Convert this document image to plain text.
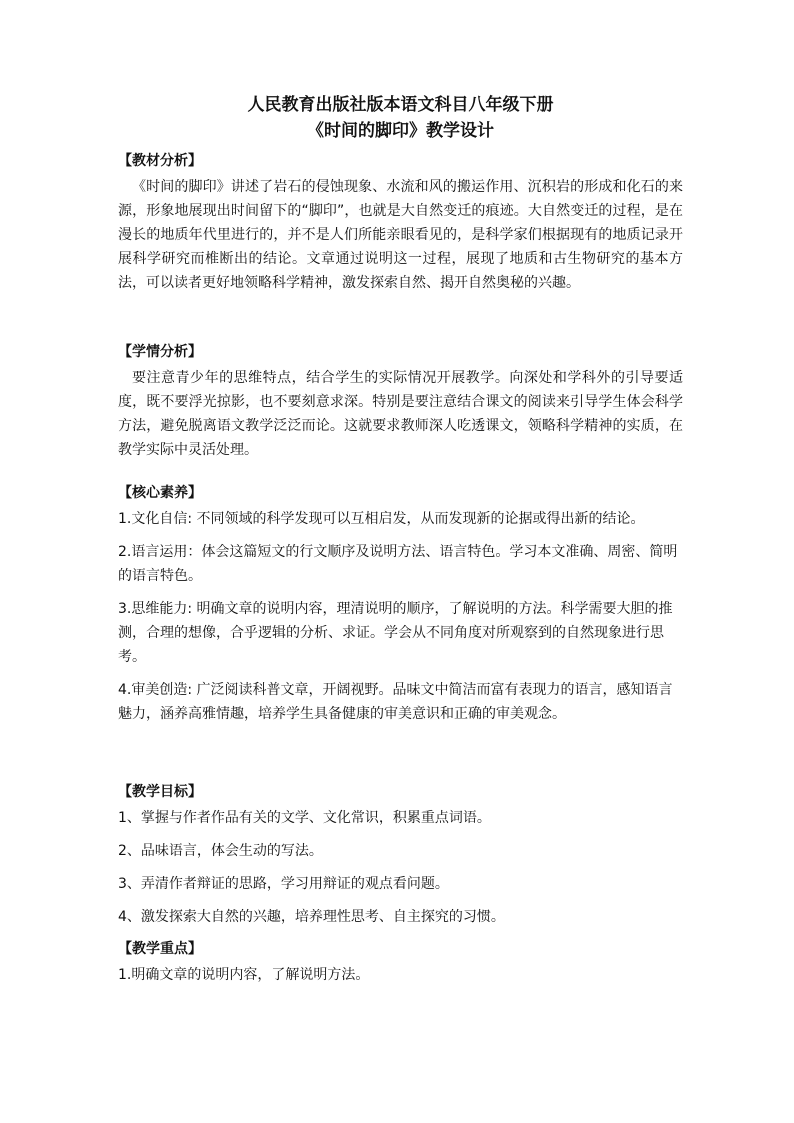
人民教育出版社版本语文科目八年级下册
《时间的脚印》教学设计
【教材分析】

《时间的脚印》讲述了岩石的侵蚀现象、水流和风的搬运作用、沉积岩的形成和化石的来源，形象地展现出时间留下的“脚印”，也就是大自然变迁的痕迹。大自然变迁的过程，是在漫长的地质年代里进行的，并不是人们所能亲眼看见的，是科学家们根据现有的地质记录开展科学研究而椎断出的结论。文章通过说明这一过程，展现了地质和古生物研究的基本方法，可以读者更好地领略科学精神，激发探索自然、揭开自然奥秘的兴趣。

【学情分析】

要注意青少年的思维特点，结合学生的实际情况开展教学。向深处和学科外的引导要适度，既不要浮光掠影，也不要刻意求深。特别是要注意结合课文的阅读来引导学生体会科学方法，避免脱离语文教学泛泛而论。这就要求教师深人吃透课文，领略科学精神的实质，在教学实际中灵活处理。

【核心素养】

1.文化自信: 不同领域的科学发现可以互相启发，从而发现新的论据或得出新的结论。

2.语言运用：体会这篇短文的行文顺序及说明方法、语言特色。学习本文准确、周密、简明的语言特色。

3.思维能力: 明确文章的说明内容，理清说明的顺序，了解说明的方法。科学需要大胆的推测，合理的想像，合乎逻辑的分析、求证。学会从不同角度对所观察到的自然现象进行思考。

4.审美创造: 广泛阅读科普文章，开阔视野。品味文中简洁而富有表现力的语言，感知语言魅力，涵养高雅情趣，培养学生具备健康的审美意识和正确的审美观念。

【教学目标】

1、掌握与作者作品有关的文学、文化常识，积累重点词语。

2、品味语言，体会生动的写法。

3、弄清作者辩证的思路，学习用辩证的观点看问题。

4、激发探索大自然的兴趣，培养理性思考、自主探究的习惯。

【教学重点】

1.明确文章的说明内容，了解说明方法。
